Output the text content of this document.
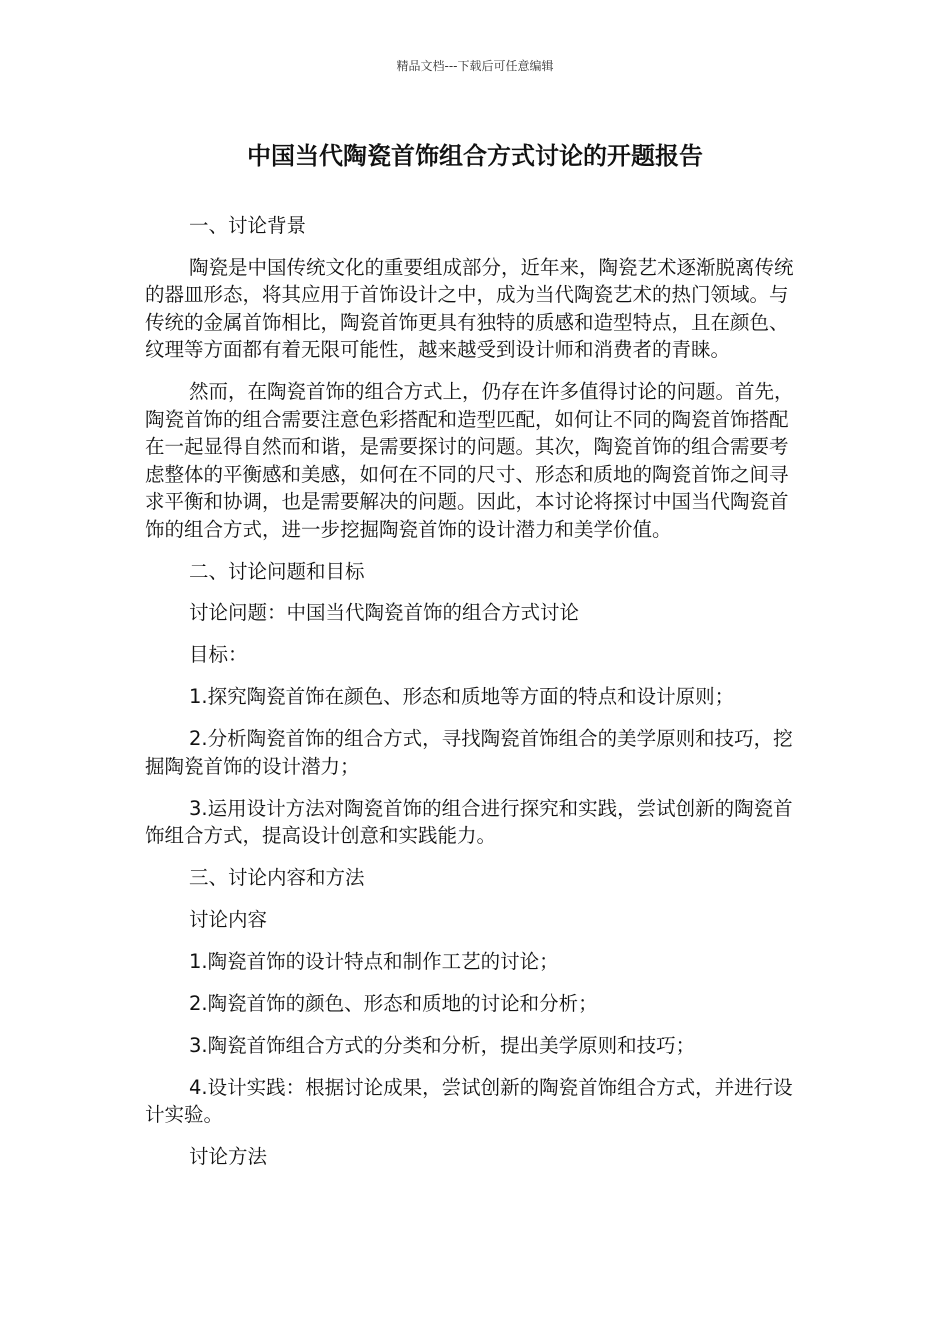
精品文档---下载后可任意编辑
中国当代陶瓷首饰组合方式讨论的开题报告

一、讨论背景

陶瓷是中国传统文化的重要组成部分，近年来，陶瓷艺术逐渐脱离传统的器皿形态，将其应用于首饰设计之中，成为当代陶瓷艺术的热门领域。与传统的金属首饰相比，陶瓷首饰更具有独特的质感和造型特点，且在颜色、纹理等方面都有着无限可能性，越来越受到设计师和消费者的青睐。

然而，在陶瓷首饰的组合方式上，仍存在许多值得讨论的问题。首先，陶瓷首饰的组合需要注意色彩搭配和造型匹配，如何让不同的陶瓷首饰搭配在一起显得自然而和谐，是需要探讨的问题。其次，陶瓷首饰的组合需要考虑整体的平衡感和美感，如何在不同的尺寸、形态和质地的陶瓷首饰之间寻求平衡和协调，也是需要解决的问题。因此，本讨论将探讨中国当代陶瓷首饰的组合方式，进一步挖掘陶瓷首饰的设计潜力和美学价值。

二、讨论问题和目标

讨论问题：中国当代陶瓷首饰的组合方式讨论

目标：

1.探究陶瓷首饰在颜色、形态和质地等方面的特点和设计原则；

2.分析陶瓷首饰的组合方式，寻找陶瓷首饰组合的美学原则和技巧，挖掘陶瓷首饰的设计潜力；

3.运用设计方法对陶瓷首饰的组合进行探究和实践，尝试创新的陶瓷首饰组合方式，提高设计创意和实践能力。

三、讨论内容和方法

讨论内容

1.陶瓷首饰的设计特点和制作工艺的讨论；

2.陶瓷首饰的颜色、形态和质地的讨论和分析；

3.陶瓷首饰组合方式的分类和分析，提出美学原则和技巧；

4.设计实践：根据讨论成果，尝试创新的陶瓷首饰组合方式，并进行设计实验。

讨论方法
